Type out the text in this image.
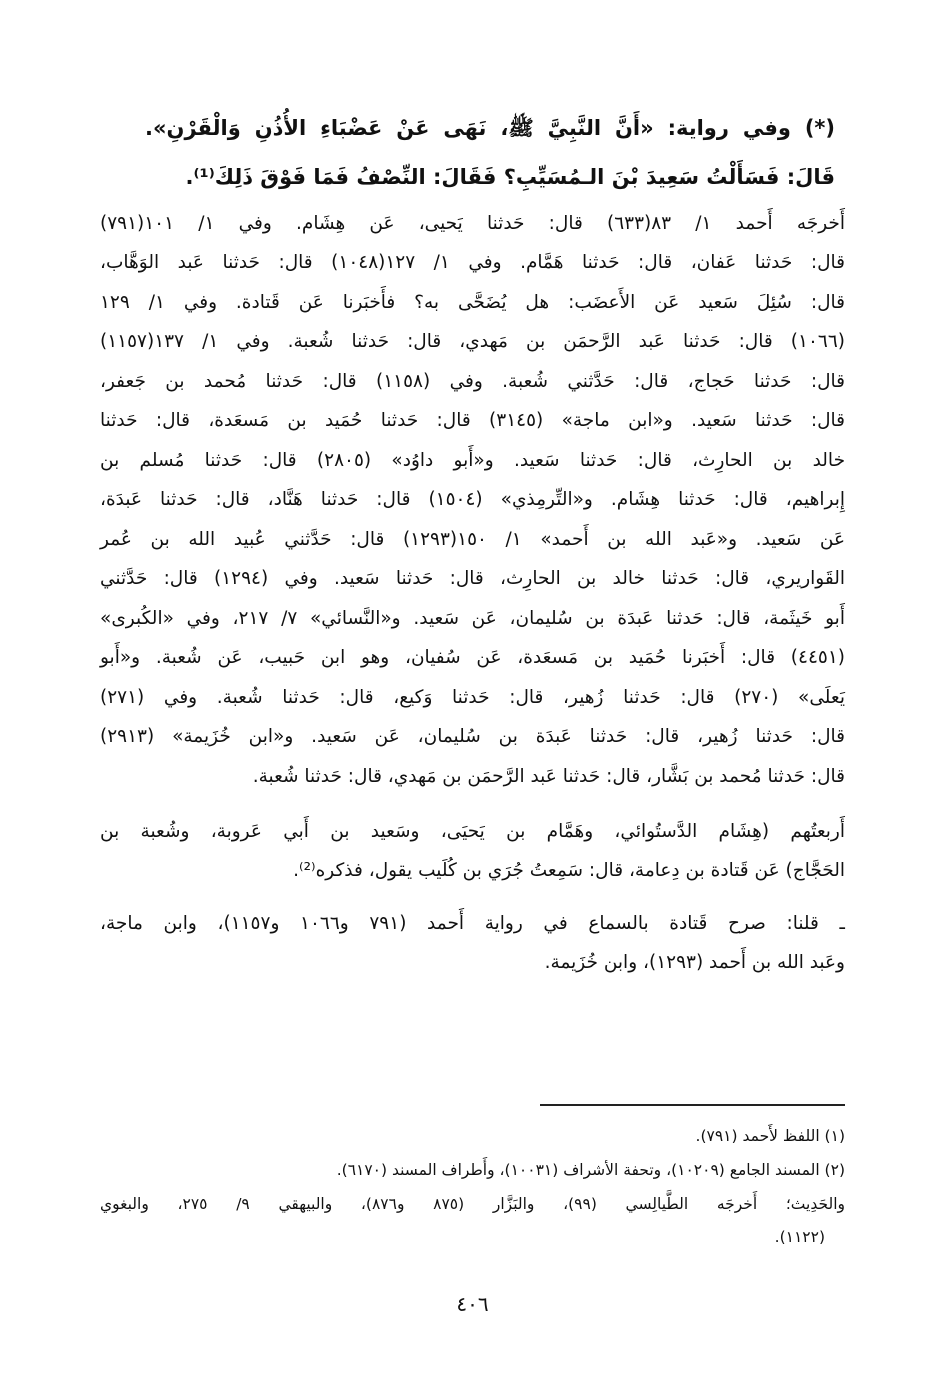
(*) وفي رواية: «أَنَّ النَّبِيَّ ﷺ، نَهَى عَنْ عَضْبَاءِ الأُذُنِ وَالْقَرْنِ».
قَالَ: فَسَأَلْتُ سَعِيدَ بْنَ الـمُسَيِّبِ؟ فَقَالَ: النِّصْفُ فَمَا فَوْقَ ذَلِكَ⁽¹⁾.
أَخرجَه أَحمد ١/ ٨٣(٦٣٣) قال: حَدثنا يَحيى، عَن هِشَام. وفي ١/ ١٠١(٧٩١)
قال: حَدثنا عَفان، قال: حَدثنا هَمَّام. وفي ١/ ١٢٧(١٠٤٨) قال: حَدثنا عَبد الوَهَّاب،
قال: سُئِلَ سَعيد عَن الأَعضَب: هل يُضَحَّى به؟ فأَخبَرنا عَن قَتادة. وفي ١/ ١٢٩
(١٠٦٦) قال: حَدثنا عَبد الرَّحمَن بن مَهدي، قال: حَدثنا شُعبة. وفي ١/ ١٣٧(١١٥٧)
قال: حَدثنا حَجاج، قال: حَدَّثني شُعبة. وفي (١١٥٨) قال: حَدثنا مُحمد بن جَعفر،
قال: حَدثنا سَعيد. و«ابن ماجة» (٣١٤٥) قال: حَدثنا حُمَيد بن مَسعَدة، قال: حَدثنا
خالد بن الحارِث، قال: حَدثنا سَعيد. و«أَبو داوُد» (٢٨٠٥) قال: حَدثنا مُسلم بن
إِبراهيم، قال: حَدثنا هِشَام. و«التِّرمِذي» (١٥٠٤) قال: حَدثنا هَنَّاد، قال: حَدثنا عَبدَة،
عَن سَعيد. و«عَبد الله بن أَحمد» ١/ ١٥٠(١٢٩٣) قال: حَدَّثني عُبيد الله بن عُمر
القَواريري، قال: حَدثنا خالد بن الحارِث، قال: حَدثنا سَعيد. وفي (١٢٩٤) قال: حَدَّثني
أَبو خَيثَمة، قال: حَدثنا عَبدَة بن سُليمان، عَن سَعيد. و«النَّسائي» ٧/ ٢١٧، وفي «الكُبرى»
(٤٤٥١) قال: أَخبَرنا حُمَيد بن مَسعَدة، عَن سُفيان، وهو ابن حَبيب، عَن شُعبة. و«أَبو
يَعلَى» (٢٧٠) قال: حَدثنا زُهير، قال: حَدثنا وَكيع، قال: حَدثنا شُعبة. وفي (٢٧١)
قال: حَدثنا زُهير، قال: حَدثنا عَبدَة بن سُليمان، عَن سَعيد. و«ابن خُزَيمة» (٢٩١٣)
قال: حَدثنا مُحمد بن بَشَّار، قال: حَدثنا عَبد الرَّحمَن بن مَهدي، قال: حَدثنا شُعبة.
أَربعتُهم (هِشَام الدَّستُوائي، وهَمَّام بن يَحيَى، وسَعيد بن أَبي عَروبة، وشُعبة بن
الحَجَّاج) عَن قَتادة بن دِعامة، قال: سَمِعتُ جُرَي بن كُلَيب يقول، فذكره⁽²⁾.
ـ قلنا: صرح قَتادة بالسماع في رواية أَحمد (٧٩١ و١٠٦٦ و١١٥٧)، وابن ماجة،
وعَبد الله بن أَحمد (١٢٩٣)، وابن خُزَيمة.
(١) اللفظ لأَحمد (٧٩١).
(٢) المسند الجامع (١٠٢٠٩)، وتحفة الأشراف (١٠٠٣١)، وأَطراف المسند (٦١٧٠).
والحَدِيث؛ أَخرجَه الطَّيالِسي (٩٩)، والبَزَّار (٨٧٥ و٨٧٦)، والبيهقي ٩/ ٢٧٥، والبغوي
(١١٢٢).
٤٠٦
